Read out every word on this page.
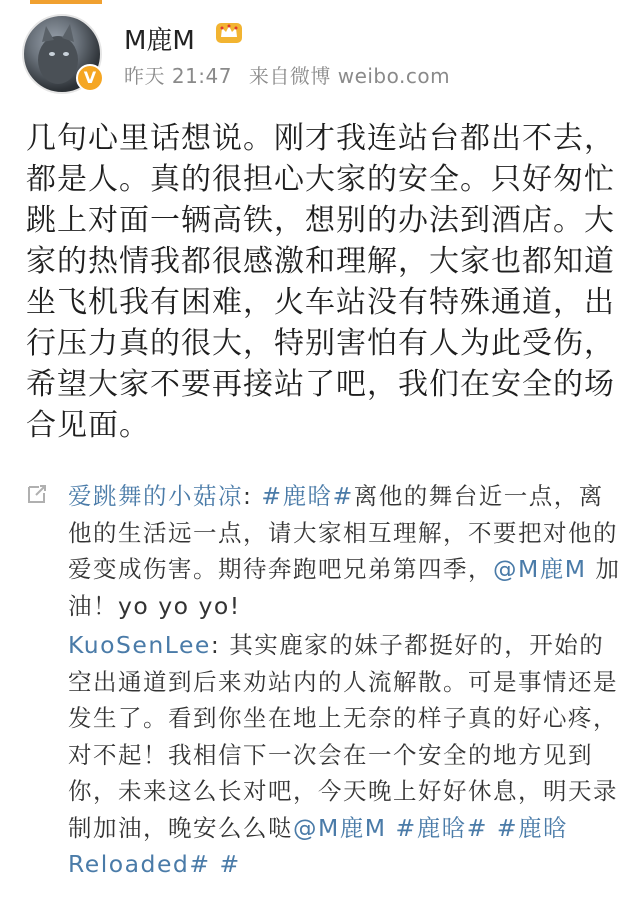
V
M鹿M
昨天 21:47 来自微博 weibo.com
几句心里话想说。刚才我连站台都出不去，都是人。真的很担心大家的安全。只好匆忙跳上对面一辆高铁，想别的办法到酒店。大家的热情我都很感激和理解，大家也都知道坐飞机我有困难，火车站没有特殊通道，出行压力真的很大，特别害怕有人为此受伤，希望大家不要再接站了吧，我们在安全的场合见面。
爱跳舞的小菇凉: #鹿晗#离他的舞台近一点，离他的生活远一点，请大家相互理解，不要把对他的爱变成伤害。期待奔跑吧兄弟第四季，@M鹿M 加油！yo yo yo!
KuoSenLee: 其实鹿家的妹子都挺好的，开始的空出通道到后来劝站内的人流解散。可是事情还是发生了。看到你坐在地上无奈的样子真的好心疼，对不起！我相信下一次会在一个安全的地方见到你，未来这么长对吧，今天晚上好好休息，明天录制加油，晚安么么哒@M鹿M #鹿晗# #鹿晗Reloaded# #
